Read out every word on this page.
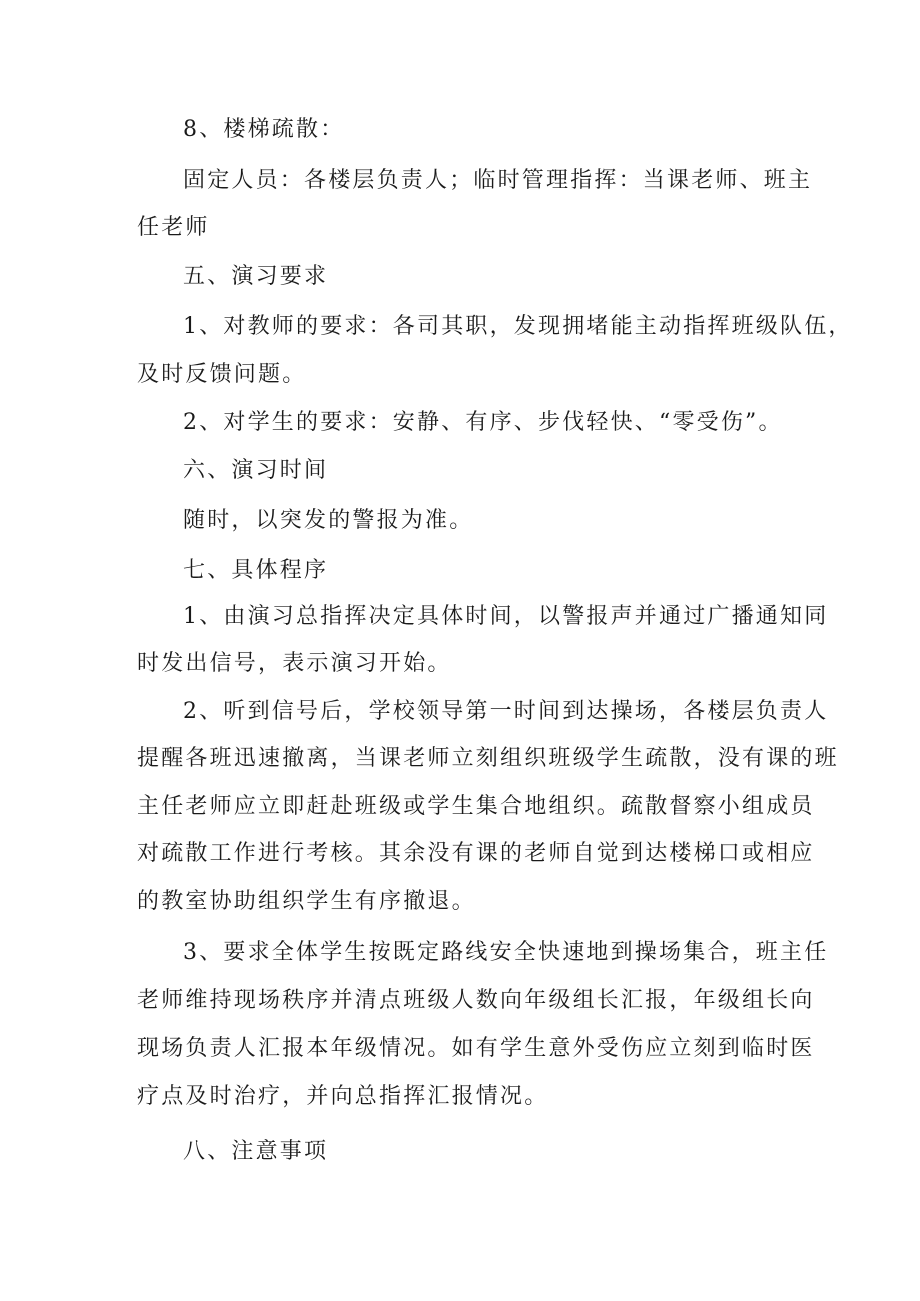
8、楼梯疏散：
固定人员：各楼层负责人；临时管理指挥：当课老师、班主
任老师
五、演习要求
1、对教师的要求：各司其职，发现拥堵能主动指挥班级队伍，
及时反馈问题。
2、对学生的要求：安静、有序、步伐轻快、“零受伤”。
六、演习时间
随时，以突发的警报为准。
七、具体程序
1、由演习总指挥决定具体时间，以警报声并通过广播通知同
时发出信号，表示演习开始。
2、听到信号后，学校领导第一时间到达操场，各楼层负责人
提醒各班迅速撤离，当课老师立刻组织班级学生疏散，没有课的班
主任老师应立即赶赴班级或学生集合地组织。疏散督察小组成员
对疏散工作进行考核。其余没有课的老师自觉到达楼梯口或相应
的教室协助组织学生有序撤退。
3、要求全体学生按既定路线安全快速地到操场集合，班主任
老师维持现场秩序并清点班级人数向年级组长汇报，年级组长向
现场负责人汇报本年级情况。如有学生意外受伤应立刻到临时医
疗点及时治疗，并向总指挥汇报情况。
八、注意事项
